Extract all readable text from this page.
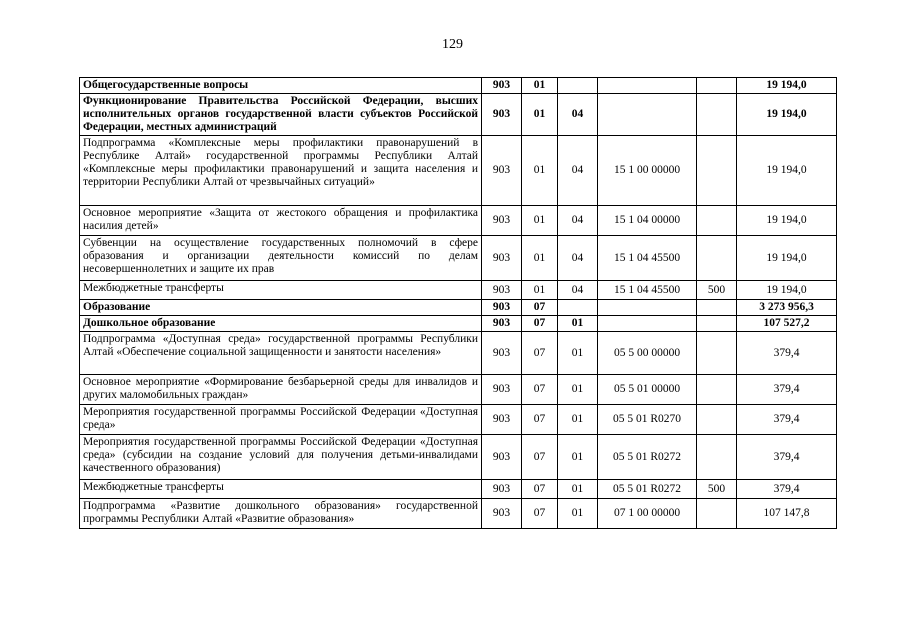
129
Общегосударственные вопросы	903	01				19 194,0
Функционирование Правительства Российской Федерации, высших исполнительных органов государственной власти субъектов Российской Федерации, местных администраций	903	01	04			19 194,0
Подпрограмма «Комплексные меры профилактики правонарушений в Республике Алтай» государственной программы Республики Алтай «Комплексные меры профилактики правонарушений и защита населения и территории Республики Алтай от чрезвычайных ситуаций»	903	01	04	15 1 00 00000		19 194,0
Основное мероприятие «Защита от жестокого обращения и профилактика насилия детей»	903	01	04	15 1 04 00000		19 194,0
Субвенции на осуществление государственных полномочий в сфере образования и организации деятельности комиссий по делам несовершеннолетних и защите их прав	903	01	04	15 1 04 45500		19 194,0
Межбюджетные трансферты	903	01	04	15 1 04 45500	500	19 194,0
Образование	903	07				3 273 956,3
Дошкольное образование	903	07	01			107 527,2
Подпрограмма «Доступная среда» государственной программы Республики Алтай «Обеспечение социальной защищенности и занятости населения»	903	07	01	05 5 00 00000		379,4
Основное мероприятие «Формирование безбарьерной среды для инвалидов и других маломобильных граждан»	903	07	01	05 5 01 00000		379,4
Мероприятия государственной программы Российской Федерации «Доступная среда»	903	07	01	05 5 01 R0270		379,4
Мероприятия государственной программы Российской Федерации «Доступная среда» (субсидии на создание условий для получения детьми-инвалидами качественного образования)	903	07	01	05 5 01 R0272		379,4
Межбюджетные трансферты	903	07	01	05 5 01 R0272	500	379,4
Подпрограмма «Развитие дошкольного образования» государственной программы Республики Алтай «Развитие образования»	903	07	01	07 1 00 00000		107 147,8
